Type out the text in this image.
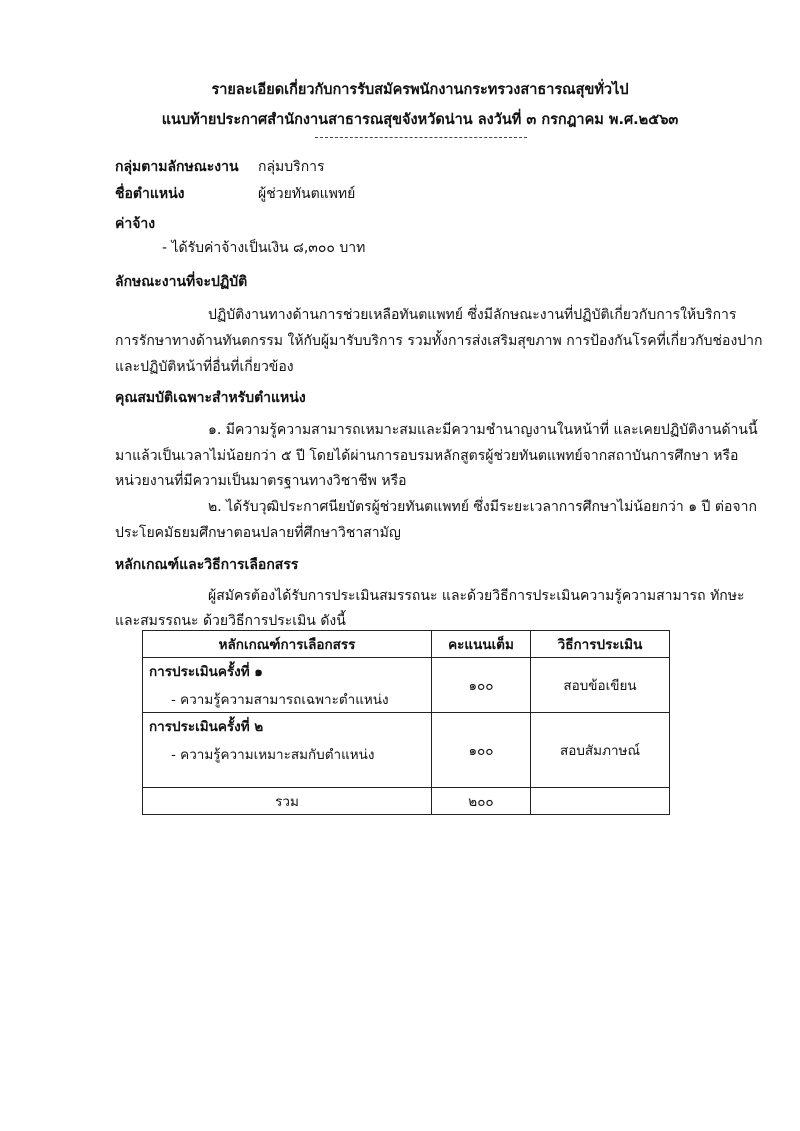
รายละเอียดเกี่ยวกับการรับสมัครพนักงานกระทรวงสาธารณสุขทั่วไป
แนบท้ายประกาศสำนักงานสาธารณสุขจังหวัดน่าน ลงวันที่ ๓ กรกฎาคม พ.ศ.๒๕๖๓
กลุ่มตามลักษณะงาน กลุ่มบริการ
ชื่อตำแหน่ง	ผู้ช่วยทันตแพทย์
ค่าจ้าง
- ได้รับค่าจ้างเป็นเงิน ๘,๓๐๐ บาท
ลักษณะงานที่จะปฏิบัติ
ปฏิบัติงานทางด้านการช่วยเหลือทันตแพทย์ ซึ่งมีลักษณะงานที่ปฏิบัติเกี่ยวกับการให้บริการ
การรักษาทางด้านทันตกรรม ให้กับผู้มารับบริการ รวมทั้งการส่งเสริมสุขภาพ การป้องกันโรคที่เกี่ยวกับช่องปาก
และปฏิบัติหน้าที่อื่นที่เกี่ยวข้อง
คุณสมบัติเฉพาะสำหรับตำแหน่ง
๑. มีความรู้ความสามารถเหมาะสมและมีความชำนาญงานในหน้าที่ และเคยปฏิบัติงานด้านนี้
มาแล้วเป็นเวลาไม่น้อยกว่า ๕ ปี โดยได้ผ่านการอบรมหลักสูตรผู้ช่วยทันตแพทย์จากสถาบันการศึกษา หรือ
หน่วยงานที่มีความเป็นมาตรฐานทางวิชาชีพ หรือ
๒. ได้รับวุฒิประกาศนียบัตรผู้ช่วยทันตแพทย์ ซึ่งมีระยะเวลาการศึกษาไม่น้อยกว่า ๑ ปี ต่อจาก
ประโยคมัธยมศึกษาตอนปลายที่ศึกษาวิชาสามัญ
หลักเกณฑ์และวิธีการเลือกสรร
ผู้สมัครต้องได้รับการประเมินสมรรถนะ และด้วยวิธีการประเมินความรู้ความสามารถ ทักษะ
และสมรรถนะ ด้วยวิธีการประเมิน ดังนี้
หลักเกณฑ์การเลือกสรร	คะแนนเต็ม	วิธีการประเมิน

การประเมินครั้งที่ ๑
- ความรู้ความสามารถเฉพาะตำแหน่ง	๑๐๐	สอบข้อเขียน

การประเมินครั้งที่ ๒
- ความรู้ความเหมาะสมกับตำแหน่ง	๑๐๐	สอบสัมภาษณ์
รวม	๒๐๐	
